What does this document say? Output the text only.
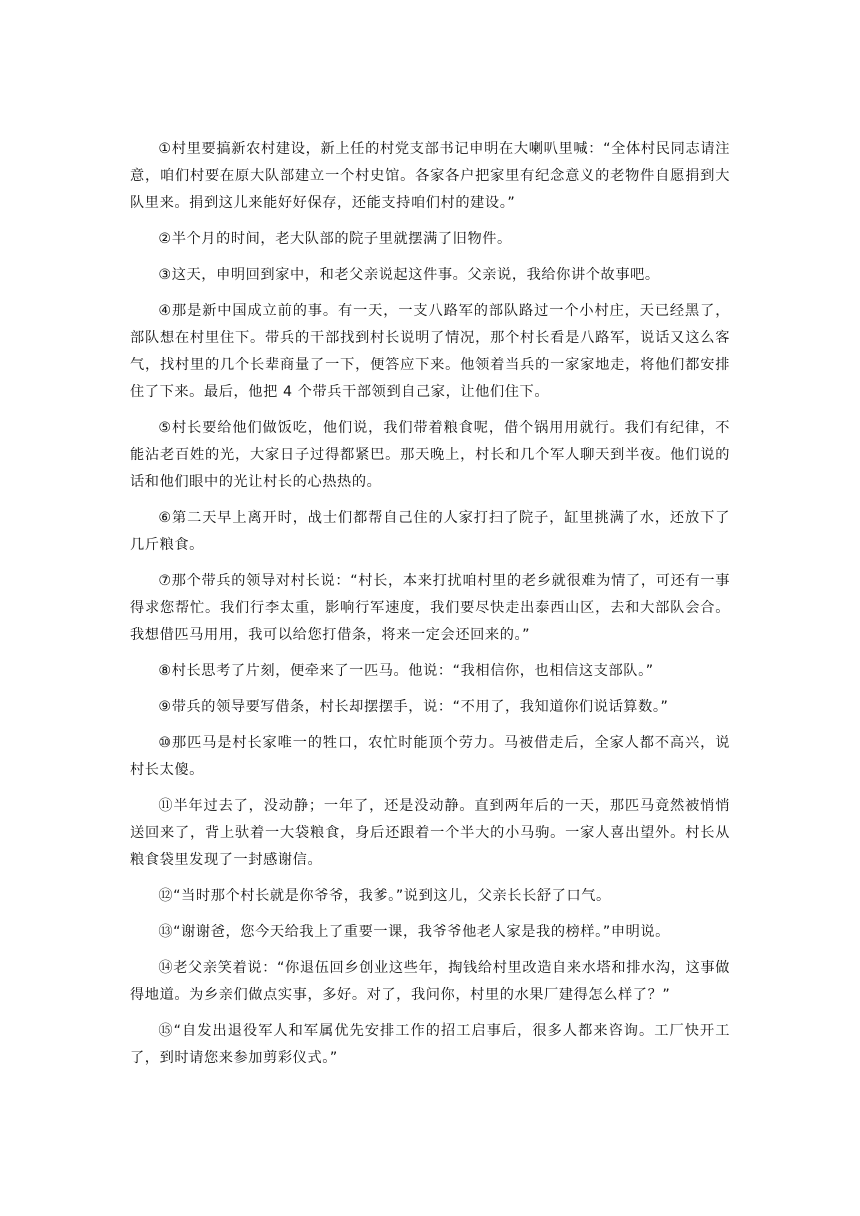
①村里要搞新农村建设，新上任的村党支部书记申明在大喇叭里喊：“全体村民同志请注意，咱们村要在原大队部建立一个村史馆。各家各户把家里有纪念意义的老物件自愿捐到大队里来。捐到这儿来能好好保存，还能支持咱们村的建设。”

②半个月的时间，老大队部的院子里就摆满了旧物件。

③这天，申明回到家中，和老父亲说起这件事。父亲说，我给你讲个故事吧。

④那是新中国成立前的事。有一天，一支八路军的部队路过一个小村庄，天已经黑了，部队想在村里住下。带兵的干部找到村长说明了情况，那个村长看是八路军，说话又这么客气，找村里的几个长辈商量了一下，便答应下来。他领着当兵的一家家地走，将他们都安排住了下来。最后，他把 4 个带兵干部领到自己家，让他们住下。

⑤村长要给他们做饭吃，他们说，我们带着粮食呢，借个锅用用就行。我们有纪律，不能沾老百姓的光，大家日子过得都紧巴。那天晚上，村长和几个军人聊天到半夜。他们说的话和他们眼中的光让村长的心热热的。

⑥第二天早上离开时，战士们都帮自己住的人家打扫了院子，缸里挑满了水，还放下了几斤粮食。

⑦那个带兵的领导对村长说：“村长，本来打扰咱村里的老乡就很难为情了，可还有一事得求您帮忙。我们行李太重，影响行军速度，我们要尽快走出泰西山区，去和大部队会合。我想借匹马用用，我可以给您打借条，将来一定会还回来的。”

⑧村长思考了片刻，便牵来了一匹马。他说：“我相信你，也相信这支部队。”

⑨带兵的领导要写借条，村长却摆摆手，说：“不用了，我知道你们说话算数。”

⑩那匹马是村长家唯一的牲口，农忙时能顶个劳力。马被借走后，全家人都不高兴，说村长太傻。

⑪半年过去了，没动静；一年了，还是没动静。直到两年后的一天，那匹马竟然被悄悄送回来了，背上驮着一大袋粮食，身后还跟着一个半大的小马驹。一家人喜出望外。村长从粮食袋里发现了一封感谢信。

⑫“当时那个村长就是你爷爷，我爹。”说到这儿，父亲长长舒了口气。

⑬“谢谢爸，您今天给我上了重要一课，我爷爷他老人家是我的榜样。”申明说。

⑭老父亲笑着说：“你退伍回乡创业这些年，掏钱给村里改造自来水塔和排水沟，这事做得地道。为乡亲们做点实事，多好。对了，我问你，村里的水果厂建得怎么样了？”

⑮“自发出退役军人和军属优先安排工作的招工启事后，很多人都来咨询。工厂快开工了，到时请您来参加剪彩仪式。”
